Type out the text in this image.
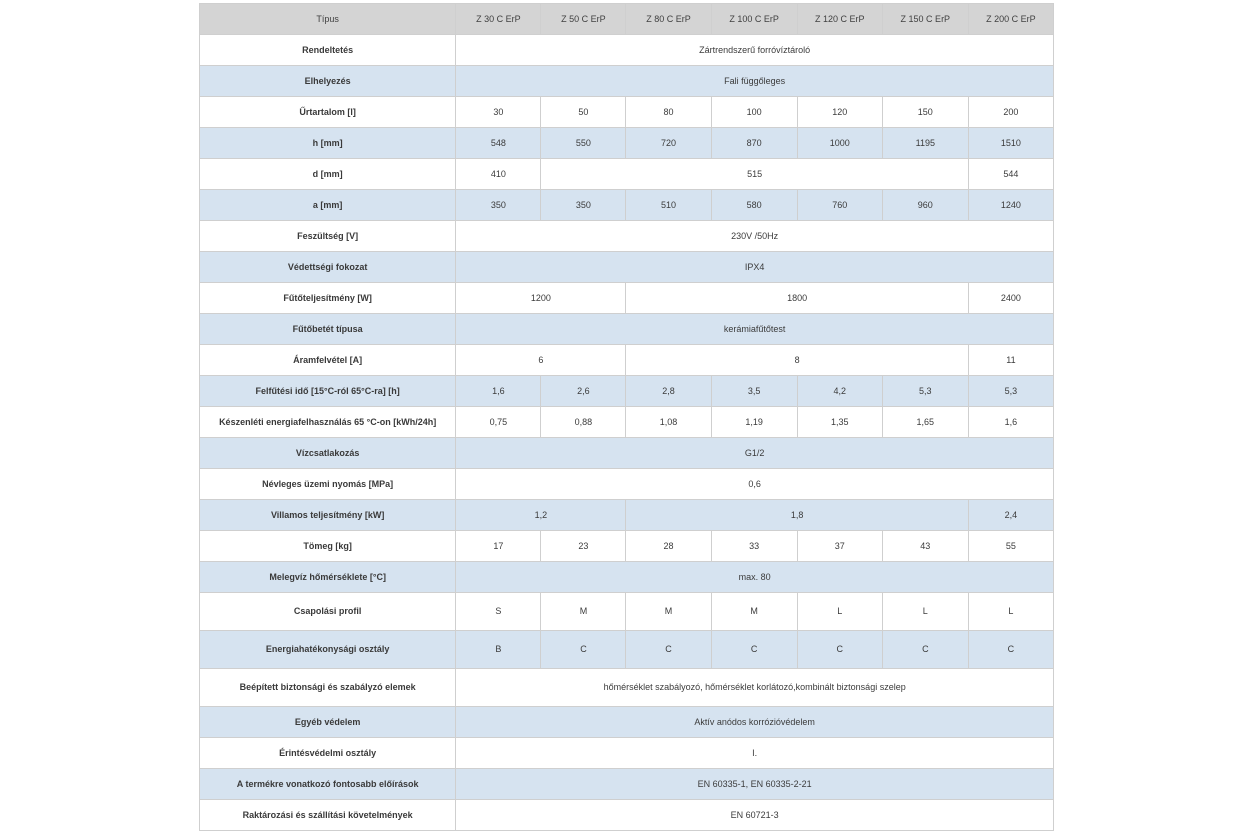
Típus	Z 30 C ErP	Z 50 C ErP	Z 80 C ErP	Z 100 C ErP	Z 120 C ErP	Z 150 C ErP	Z 200 C ErP
Rendeltetés	Zártrendszerű forróvíztároló						
Elhelyezés	Fali függőleges						
Űrtartalom [l]	30	50	80	100	120	150	200
h [mm]	548	550	720	870	1000	1195	1510
d [mm]	410	515					544
a [mm]	350	350	510	580	760	960	1240
Feszültség [V]	230V /50Hz						
Védettségi fokozat	IPX4						
Fűtőteljesítmény [W]	1200		1800				2400
Fűtőbetét típusa	kerámiafűtőtest						
Áramfelvétel [A]	6		8				11
Felfűtési idő [15°C-ról 65°C-ra] [h]	1,6	2,6	2,8	3,5	4,2	5,3	5,3
Készenléti energiafelhasználás 65 °C-on [kWh/24h]	0,75	0,88	1,08	1,19	1,35	1,65	1,6
Vízcsatlakozás	G1/2						
Névleges üzemi nyomás [MPa]	0,6						
Villamos teljesítmény [kW]	1,2		1,8				2,4
Tömeg [kg]	17	23	28	33	37	43	55
Melegvíz hőmérséklete [°C]	max. 80						
Csapolási profil	S	M	M	M	L	L	L
Energiahatékonysági osztály	B	C	C	C	C	C	C
Beépített biztonsági és szabályzó elemek	hőmérséklet szabályozó, hőmérséklet korlátozó,kombinált biztonsági szelep						
Egyéb védelem	Aktív anódos korrózióvédelem						
Érintésvédelmi osztály	I.						
A termékre vonatkozó fontosabb előírások	EN 60335-1, EN 60335-2-21						
Raktározási és szállítási követelmények	EN 60721-3						
